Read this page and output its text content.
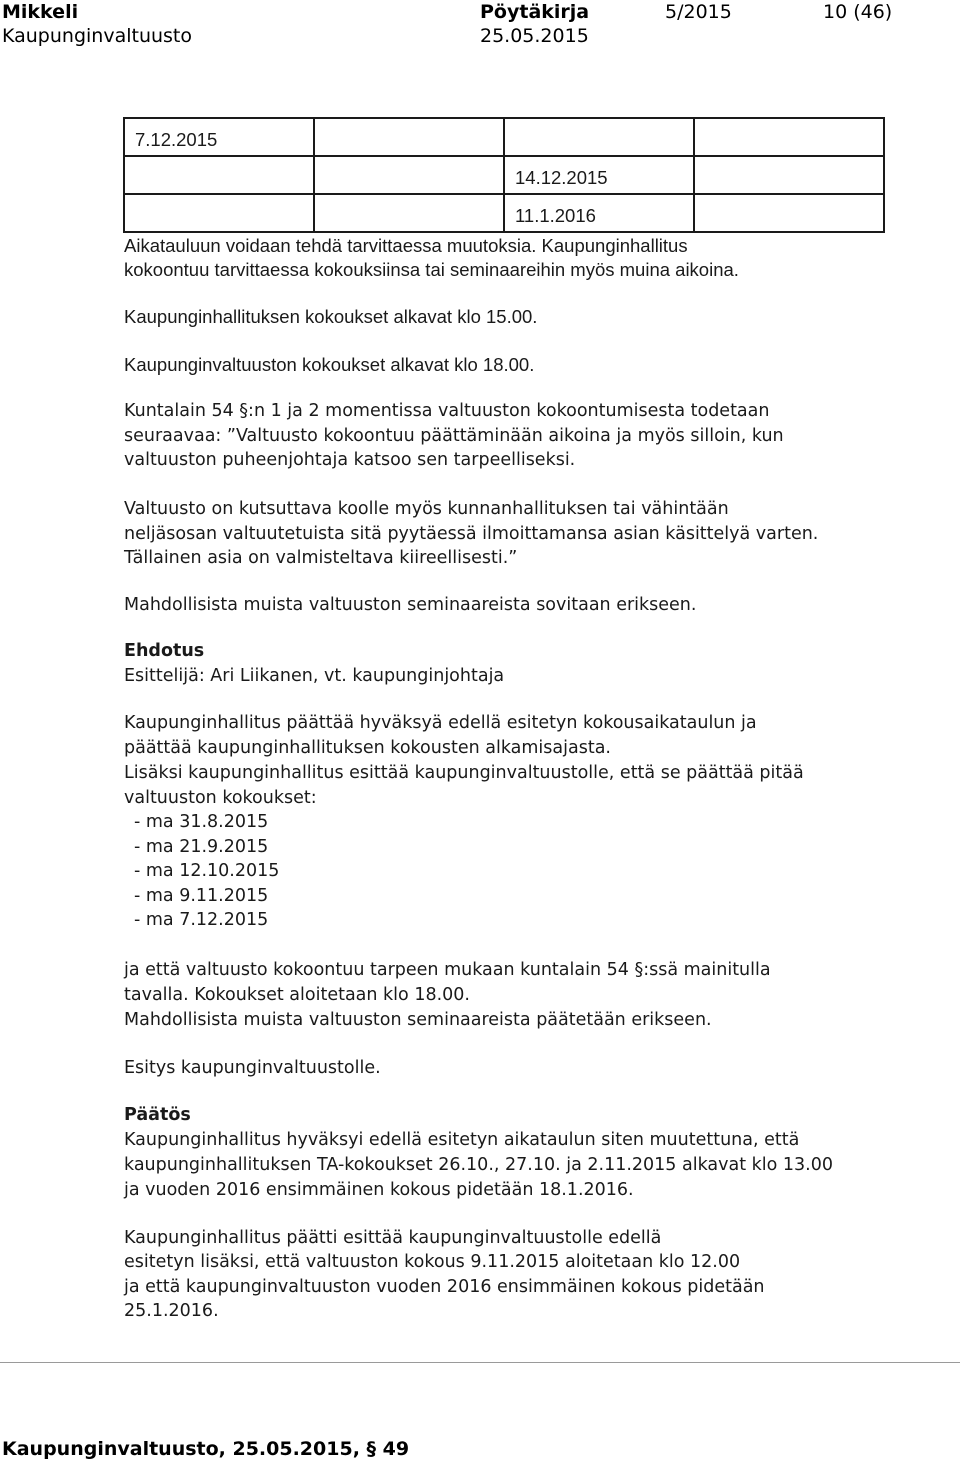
Mikkeli
Kaupunginvaltuusto
Pöytäkirja
25.05.2015
5/2015	10 (46)
7.12.2015			

		14.12.2015	

		11.1.2016	

Aikatauluun voidaan tehdä tarvittaessa muutoksia. Kaupunginhallitus
kokoontuu tarvittaessa kokouksiinsa tai seminaareihin myös muina aikoina.
Kaupunginhallituksen kokoukset alkavat klo 15.00.
Kaupunginvaltuuston kokoukset alkavat klo 18.00.
Kuntalain 54 §:n 1 ja 2 momentissa valtuuston kokoontumisesta todetaan
seuraavaa: ”Valtuusto kokoontuu päättäminään aikoina ja myös silloin, kun
valtuuston puheenjohtaja katsoo sen tarpeelliseksi.
Valtuusto on kutsuttava koolle myös kunnanhallituksen tai vähintään
neljäsosan valtuutetuista sitä pyytäessä ilmoittamansa asian käsittelyä varten.
Tällainen asia on valmisteltava kiireellisesti.”
Mahdollisista muista valtuuston seminaareista sovitaan erikseen.
Ehdotus
Esittelijä: Ari Liikanen, vt. kaupunginjohtaja
Kaupunginhallitus päättää hyväksyä edellä esitetyn kokousaikataulun ja
päättää kaupunginhallituksen kokousten alkamisajasta.
Lisäksi kaupunginhallitus esittää kaupunginvaltuustolle, että se päättää pitää
valtuuston kokoukset:
- ma 31.8.2015
- ma 21.9.2015
- ma 12.10.2015
- ma 9.11.2015
- ma 7.12.2015
ja että valtuusto kokoontuu tarpeen mukaan kuntalain 54 §:ssä mainitulla
tavalla. Kokoukset aloitetaan klo 18.00.
Mahdollisista muista valtuuston seminaareista päätetään erikseen.
Esitys kaupunginvaltuustolle.
Päätös
Kaupunginhallitus hyväksyi edellä esitetyn aikataulun siten muutettuna, että
kaupunginhallituksen TA-kokoukset 26.10., 27.10. ja 2.11.2015 alkavat klo 13.00
ja vuoden 2016 ensimmäinen kokous pidetään 18.1.2016.
Kaupunginhallitus päätti esittää kaupunginvaltuustolle edellä
esitetyn lisäksi, että valtuuston kokous 9.11.2015 aloitetaan klo 12.00
ja että kaupunginvaltuuston vuoden 2016 ensimmäinen kokous pidetään
25.1.2016.
Kaupunginvaltuusto, 25.05.2015, § 49
